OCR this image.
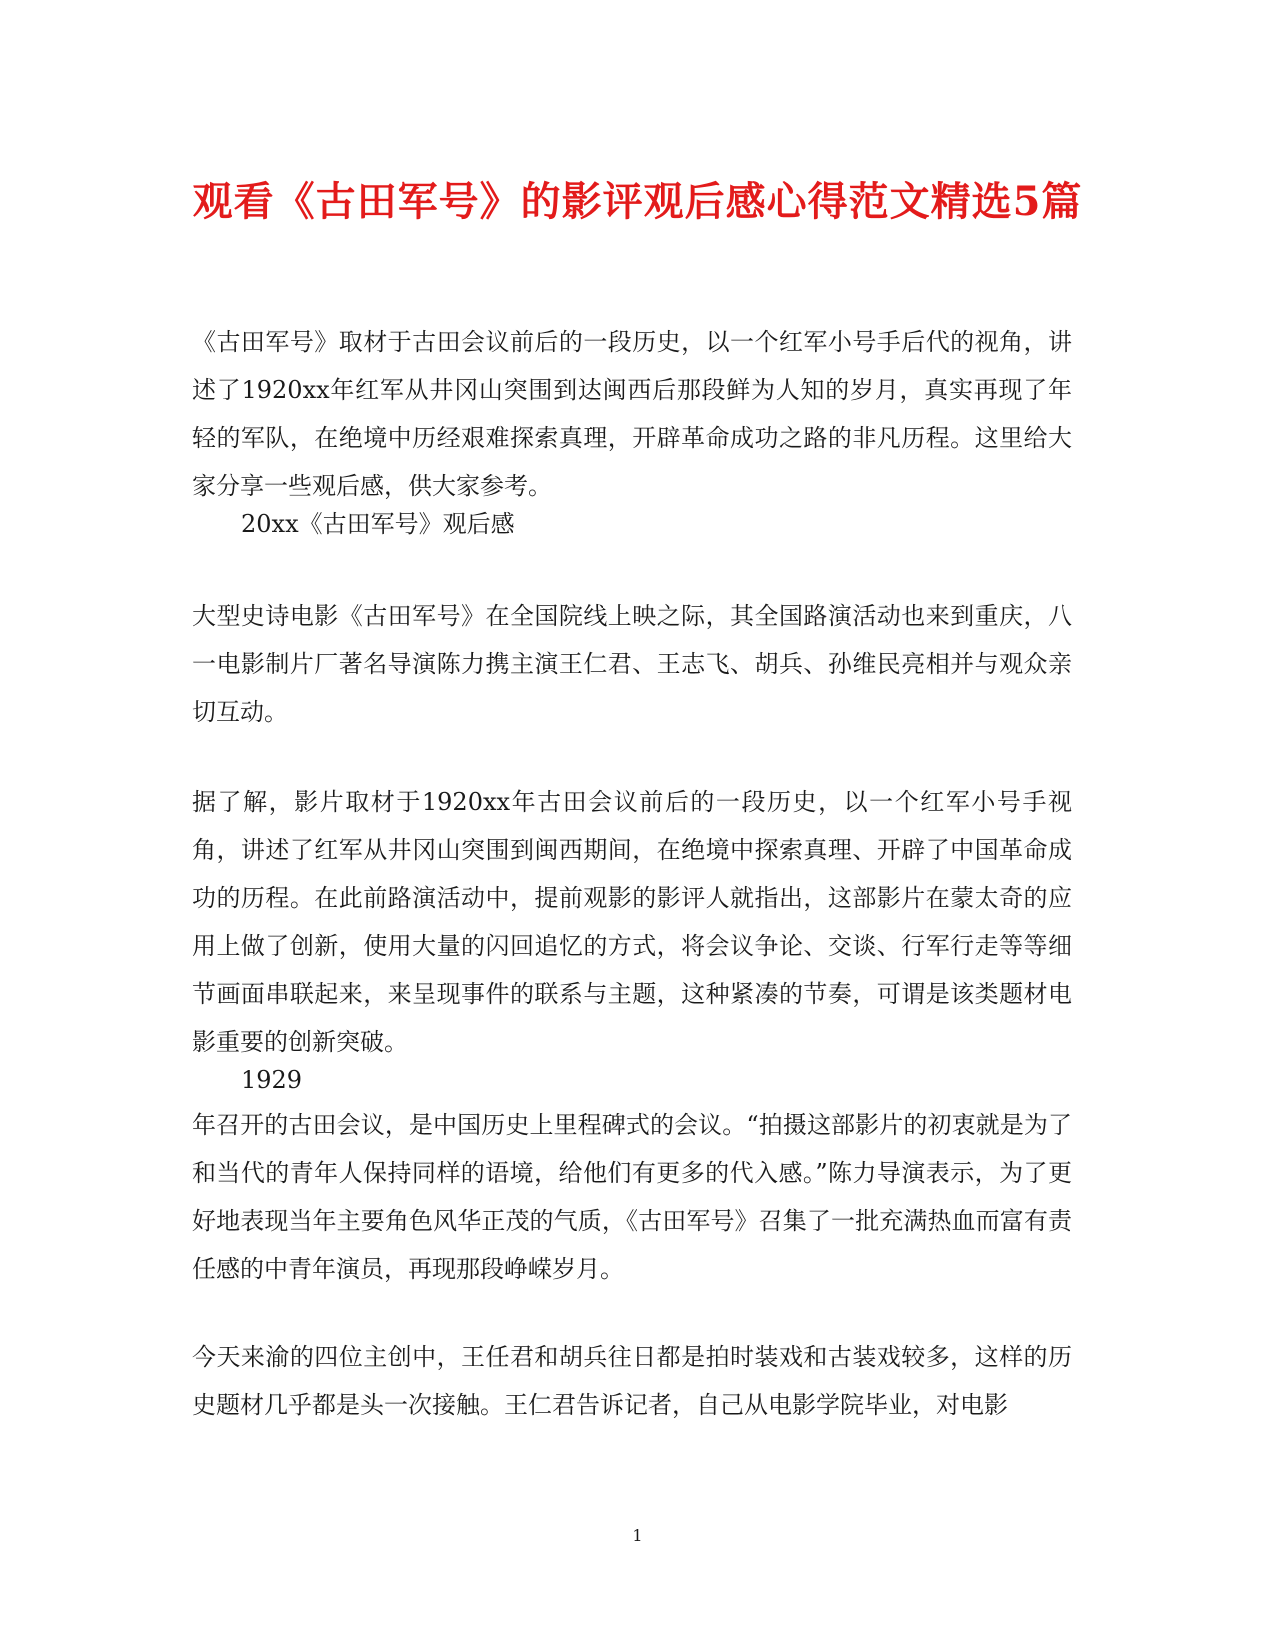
观看《古田军号》的影评观后感心得范文精选5篇

《古田军号》取材于古田会议前后的一段历史，以一个红军小号手后代的视角，讲述了1920xx年红军从井冈山突围到达闽西后那段鲜为人知的岁月，真实再现了年轻的军队，在绝境中历经艰难探索真理，开辟革命成功之路的非凡历程。这里给大家分享一些观后感，供大家参考。

20xx《古田军号》观后感

大型史诗电影《古田军号》在全国院线上映之际，其全国路演活动也来到重庆，八一电影制片厂著名导演陈力携主演王仁君、王志飞、胡兵、孙维民亮相并与观众亲切互动。

据了解，影片取材于1920xx年古田会议前后的一段历史，以一个红军小号手视角，讲述了红军从井冈山突围到闽西期间，在绝境中探索真理、开辟了中国革命成功的历程。在此前路演活动中，提前观影的影评人就指出，这部影片在蒙太奇的应用上做了创新，使用大量的闪回追忆的方式，将会议争论、交谈、行军行走等等细节画面串联起来，来呈现事件的联系与主题，这种紧凑的节奏，可谓是该类题材电影重要的创新突破。

1929

年召开的古田会议，是中国历史上里程碑式的会议。“拍摄这部影片的初衷就是为了和当代的青年人保持同样的语境，给他们有更多的代入感。”陈力导演表示，为了更好地表现当年主要角色风华正茂的气质，《古田军号》召集了一批充满热血而富有责任感的中青年演员，再现那段峥嵘岁月。

今天来渝的四位主创中，王任君和胡兵往日都是拍时装戏和古装戏较多，这样的历史题材几乎都是头一次接触。王仁君告诉记者，自己从电影学院毕业，对电影

1
